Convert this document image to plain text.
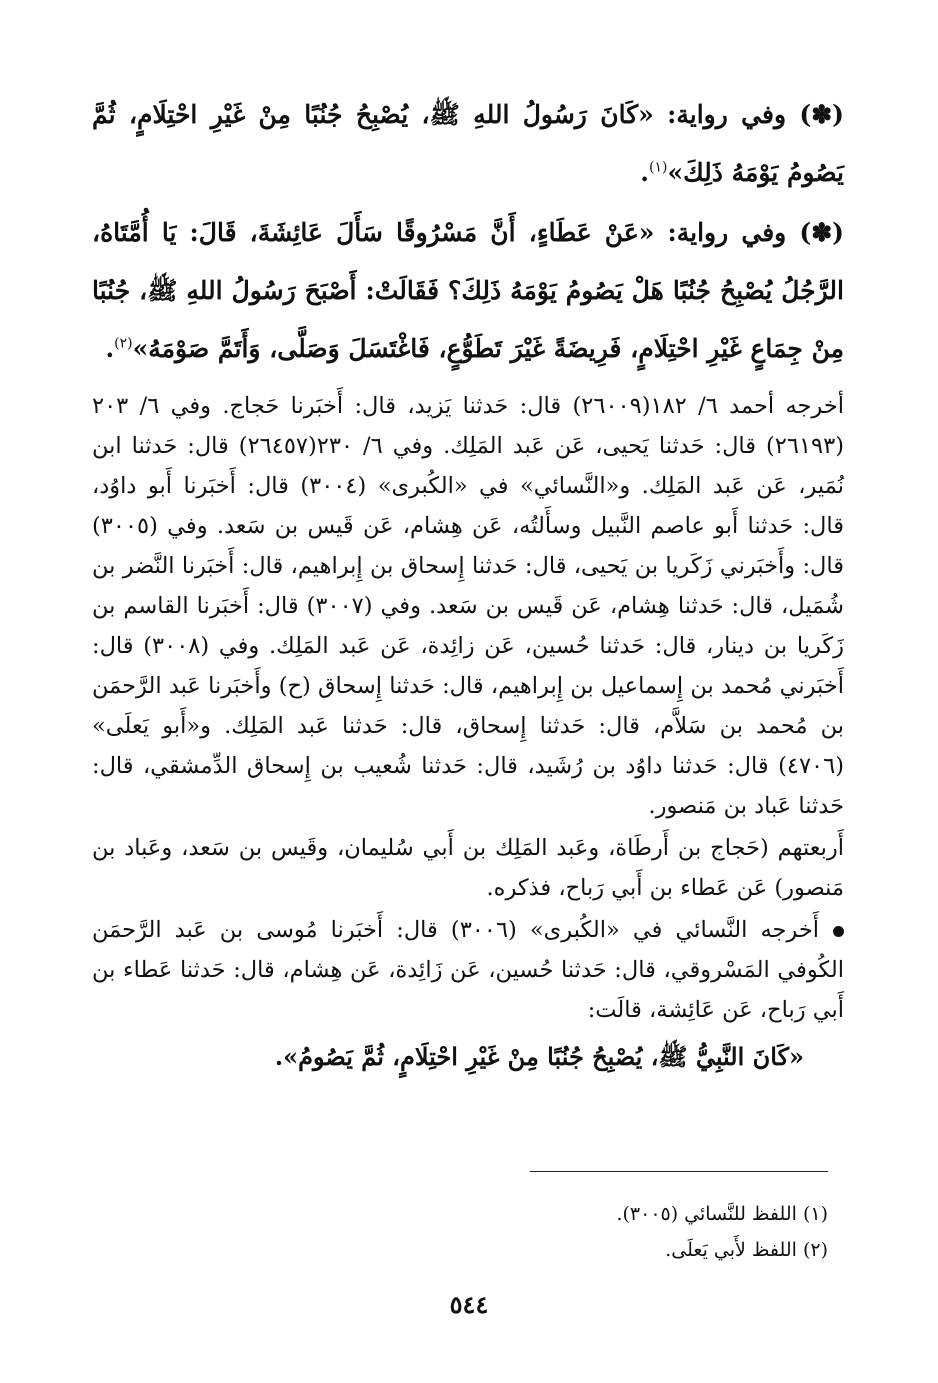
(✽) وفي رواية: «كَانَ رَسُولُ اللهِ ﷺ، يُصْبِحُ جُنُبًا مِنْ غَيْرِ احْتِلَامٍ، ثُمَّ يَصُومُ يَوْمَهُ ذَلِكَ»$^{(١)}$.

(✽) وفي رواية: «عَنْ عَطَاءٍ، أَنَّ مَسْرُوقًا سَأَلَ عَائِشَةَ، قَالَ: يَا أُمَّتَاهُ، الرَّجُلُ يُصْبِحُ جُنُبًا هَلْ يَصُومُ يَوْمَهُ ذَلِكَ؟ فَقَالَتْ: أَصْبَحَ رَسُولُ اللهِ ﷺ، جُنُبًا مِنْ جِمَاعٍ غَيْرِ احْتِلَامٍ، فَرِيضَةً غَيْرَ تَطَوُّعٍ، فَاغْتَسَلَ وَصَلَّى، وَأَتَمَّ صَوْمَهُ»$^{(٢)}$.

أخرجه أحمد ٦/ ١٨٢(٢٦٠٠٩) قال: حَدثنا يَزيد، قال: أَخبَرنا حَجاج. وفي ٦/ ٢٠٣ (٢٦١٩٣) قال: حَدثنا يَحيى، عَن عَبد المَلِك. وفي ٦/ ٢٣٠(٢٦٤٥٧) قال: حَدثنا ابن نُمَير، عَن عَبد المَلِك. و«النَّسائي» في «الكُبرى» (٣٠٠٤) قال: أَخبَرنا أَبو داوُد، قال: حَدثنا أَبو عاصم النَّبيل وسأَلتُه، عَن هِشام، عَن قَيس بن سَعد. وفي (٣٠٠٥) قال: وأَخبَرني زَكَريا بن يَحيى، قال: حَدثنا إِسحاق بن إِبراهيم، قال: أَخبَرنا النَّضر بن شُمَيل، قال: حَدثنا هِشام، عَن قَيس بن سَعد. وفي (٣٠٠٧) قال: أَخبَرنا القاسم بن زَكَريا بن دينار، قال: حَدثنا حُسين، عَن زائِدة، عَن عَبد المَلِك. وفي (٣٠٠٨) قال: أَخبَرني مُحمد بن إِسماعيل بن إِبراهيم، قال: حَدثنا إِسحاق (ح) وأَخبَرنا عَبد الرَّحمَن بن مُحمد بن سَلاَّم، قال: حَدثنا إِسحاق، قال: حَدثنا عَبد المَلِك. و«أَبو يَعلَى» (٤٧٠٦) قال: حَدثنا داوُد بن رُشَيد، قال: حَدثنا شُعيب بن إِسحاق الدِّمشقي، قال: حَدثنا عَباد بن مَنصور.

أَربعتهم (حَجاج بن أَرطَاة، وعَبد المَلِك بن أَبي سُليمان، وقَيس بن سَعد، وعَباد بن مَنصور) عَن عَطاء بن أَبي رَباح، فذكره.

أَخرجه النَّسائي في «الكُبرى» (٣٠٠٦) قال: أَخبَرنا مُوسى بن عَبد الرَّحمَن الكُوفي المَسْروقي، قال: حَدثنا حُسين، عَن زَائِدة، عَن هِشام، قال: حَدثنا عَطاء بن أَبي رَباح، عَن عَائِشة، قالَت:

«كَانَ النَّبِيُّ ﷺ، يُصْبِحُ جُنُبًا مِنْ غَيْرِ احْتِلَامٍ، ثُمَّ يَصُومُ».

(١) اللفظ للنَّسائي (٣٠٠٥).

(٢) اللفظ لأَبي يَعلَى.

٥٤٤
